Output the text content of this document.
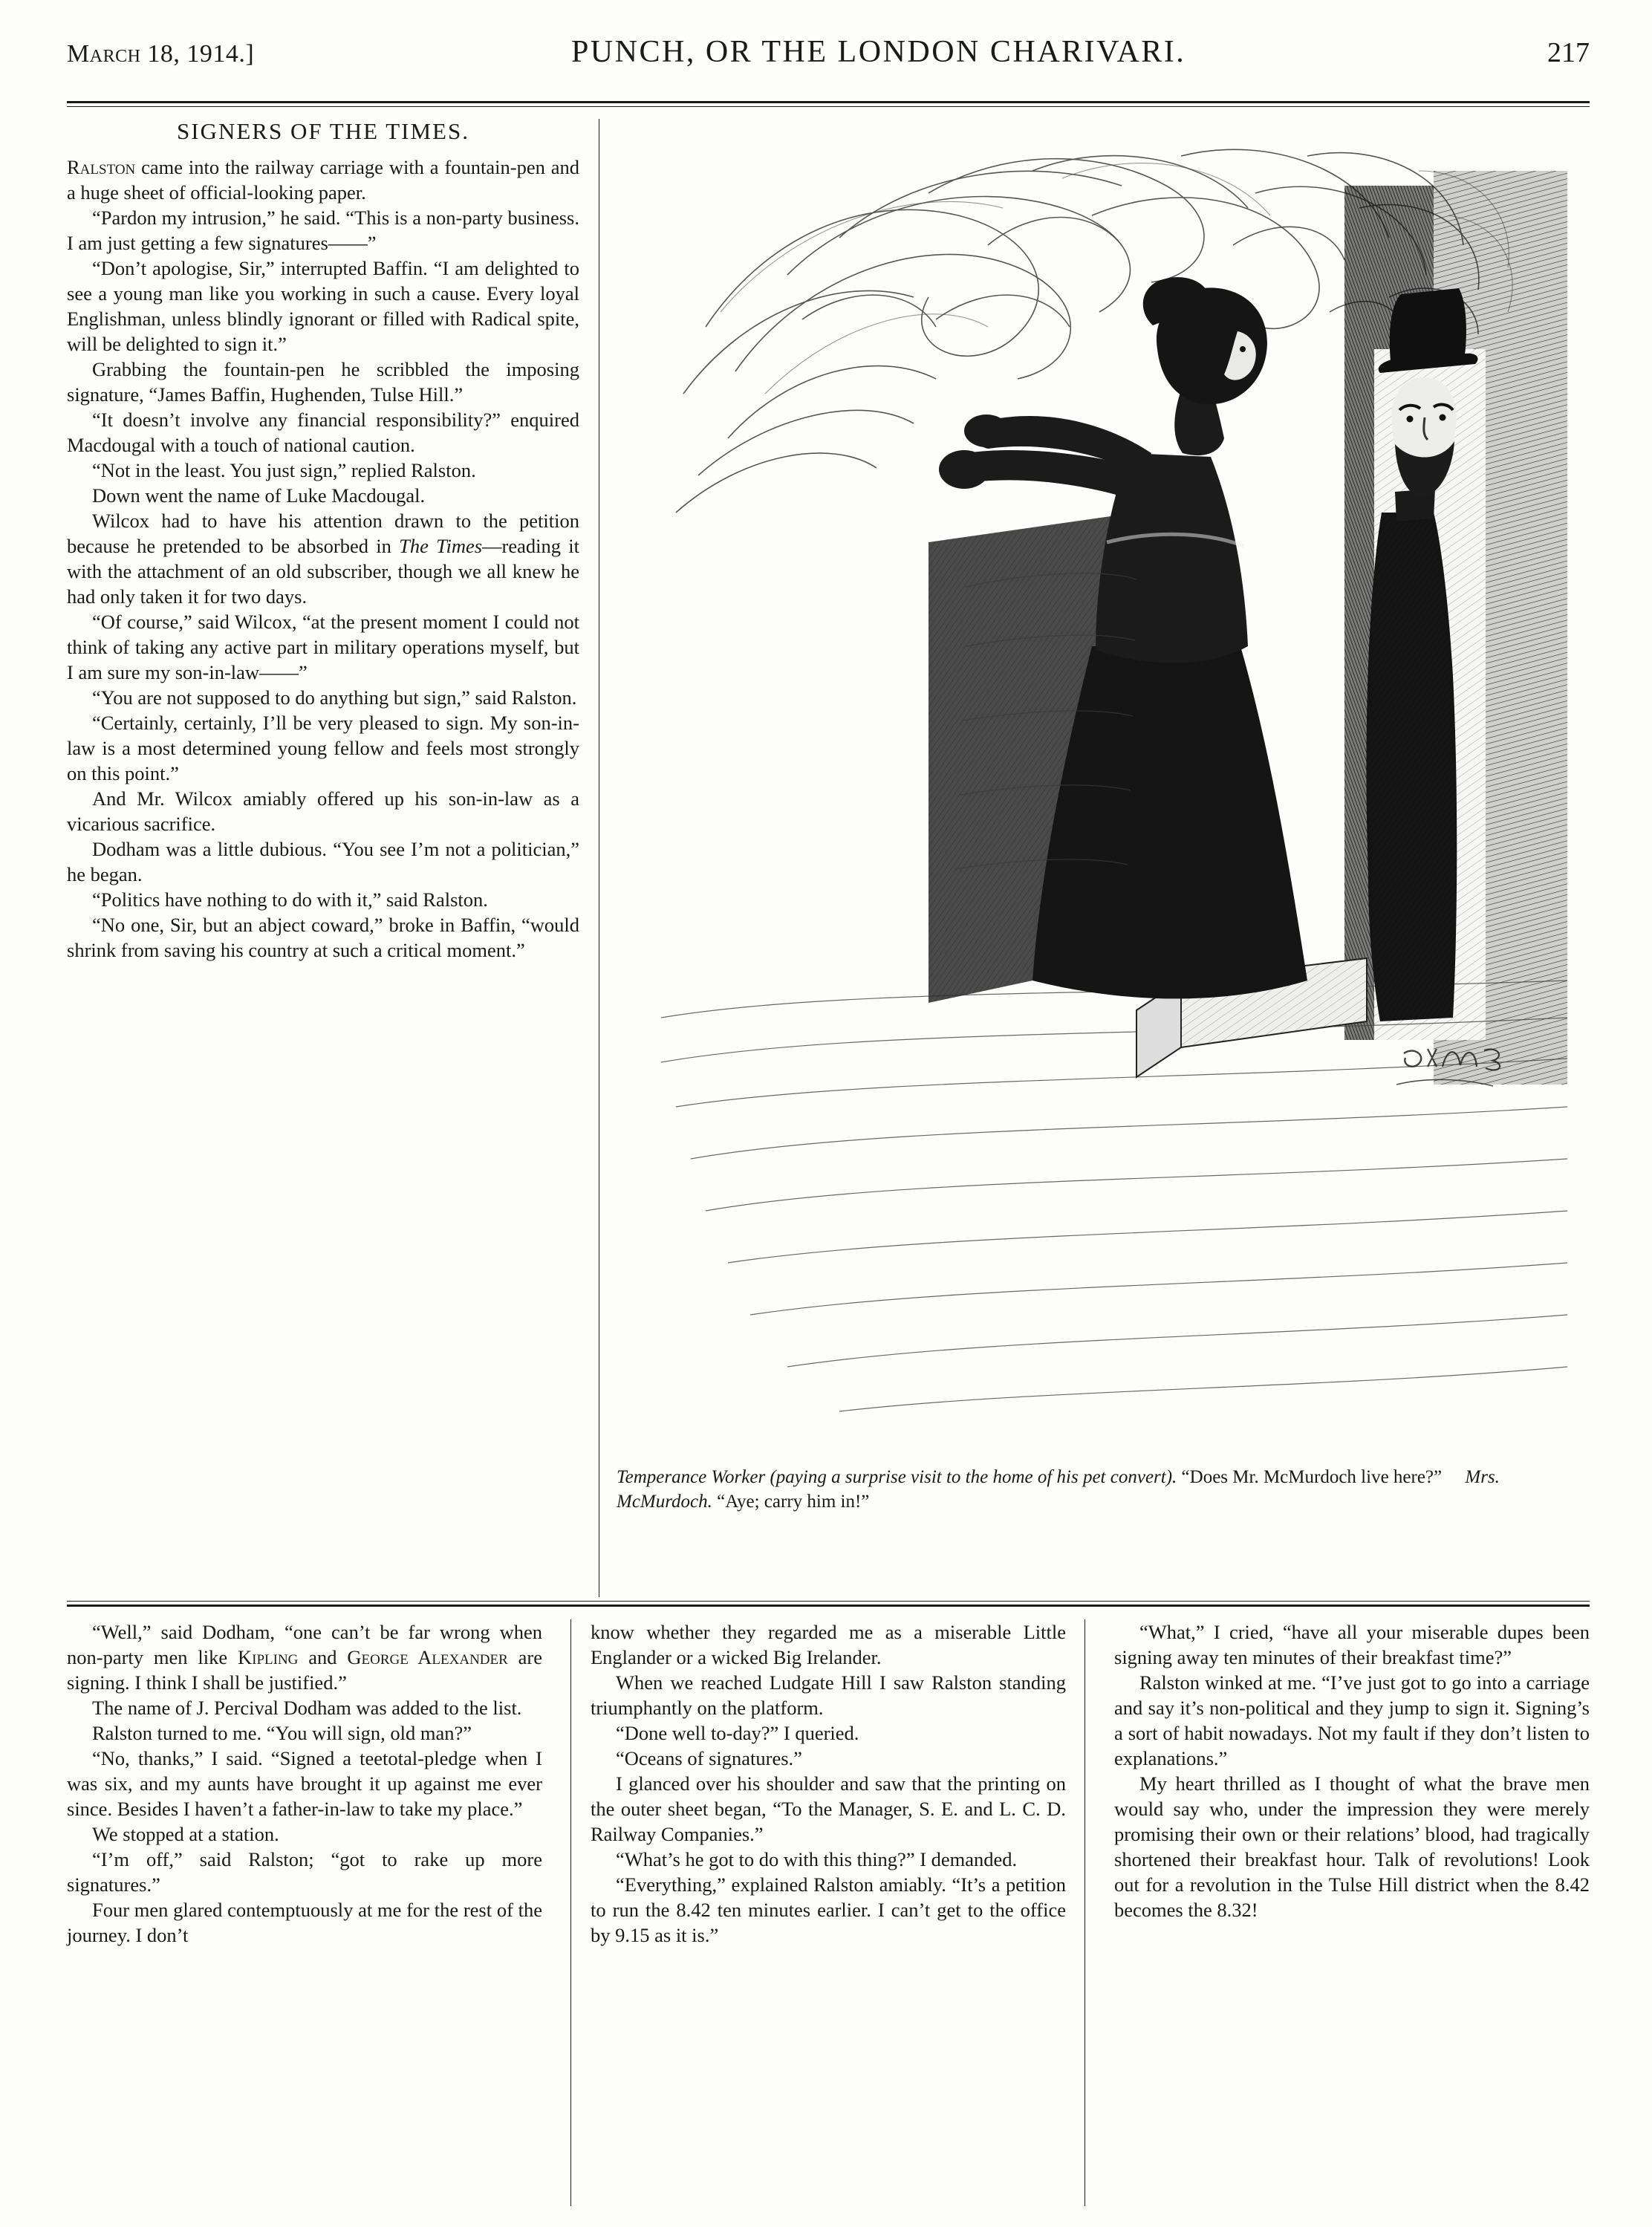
March 18, 1914.]	PUNCH, OR THE LONDON CHARIVARI.	217
SIGNERS OF THE TIMES.

Ralston came into the railway carriage with a fountain-pen and a huge sheet of official-looking paper.

“Pardon my intrusion,” he said. “This is a non-party business. I am just getting a few signatures——”

“Don’t apologise, Sir,” interrupted Baffin. “I am delighted to see a young man like you working in such a cause. Every loyal Englishman, unless blindly ignorant or filled with Radical spite, will be delighted to sign it.”

Grabbing the fountain-pen he scribbled the imposing signature, “James Baffin, Hughenden, Tulse Hill.”

“It doesn’t involve any financial responsibility?” enquired Macdougal with a touch of national caution.

“Not in the least. You just sign,” replied Ralston.

Down went the name of Luke Macdougal.

Wilcox had to have his attention drawn to the petition because he pretended to be absorbed in The Times—reading it with the attachment of an old subscriber, though we all knew he had only taken it for two days.

“Of course,” said Wilcox, “at the present moment I could not think of taking any active part in military operations myself, but I am sure my son-in-law——”

“You are not supposed to do anything but sign,” said Ralston.

“Certainly, certainly, I’ll be very pleased to sign. My son-in-law is a most determined young fellow and feels most strongly on this point.”

And Mr. Wilcox amiably offered up his son-in-law as a vicarious sacrifice.

Dodham was a little dubious. “You see I’m not a politician,” he began.

“Politics have nothing to do with it,” said Ralston.

“No one, Sir, but an abject coward,” broke in Baffin, “would shrink from saving his country at such a critical moment.”

Temperance Worker (paying a surprise visit to the home of his pet convert). “Does Mr. McMurdoch live here?” Mrs. McMurdoch. “Aye; carry him in!”

“Well,” said Dodham, “one can’t be far wrong when non-party men like Kipling and George Alexander are signing. I think I shall be justified.”

The name of J. Percival Dodham was added to the list.

Ralston turned to me. “You will sign, old man?”

“No, thanks,” I said. “Signed a teetotal-pledge when I was six, and my aunts have brought it up against me ever since. Besides I haven’t a father-in-law to take my place.”

We stopped at a station.

“I’m off,” said Ralston; “got to rake up more signatures.”

Four men glared contemptuously at me for the rest of the journey. I don’t

know whether they regarded me as a miserable Little Englander or a wicked Big Irelander.

When we reached Ludgate Hill I saw Ralston standing triumphantly on the platform.

“Done well to-day?” I queried.

“Oceans of signatures.”

I glanced over his shoulder and saw that the printing on the outer sheet began, “To the Manager, S. E. and L. C. D. Railway Companies.”

“What’s he got to do with this thing?” I demanded.

“Everything,” explained Ralston amiably. “It’s a petition to run the 8.42 ten minutes earlier. I can’t get to the office by 9.15 as it is.”

“What,” I cried, “have all your miserable dupes been signing away ten minutes of their breakfast time?”

Ralston winked at me. “I’ve just got to go into a carriage and say it’s non-political and they jump to sign it. Signing’s a sort of habit nowadays. Not my fault if they don’t listen to explanations.”

My heart thrilled as I thought of what the brave men would say who, under the impression they were merely promising their own or their relations’ blood, had tragically shortened their breakfast hour. Talk of revolutions! Look out for a revolution in the Tulse Hill district when the 8.42 becomes the 8.32!
